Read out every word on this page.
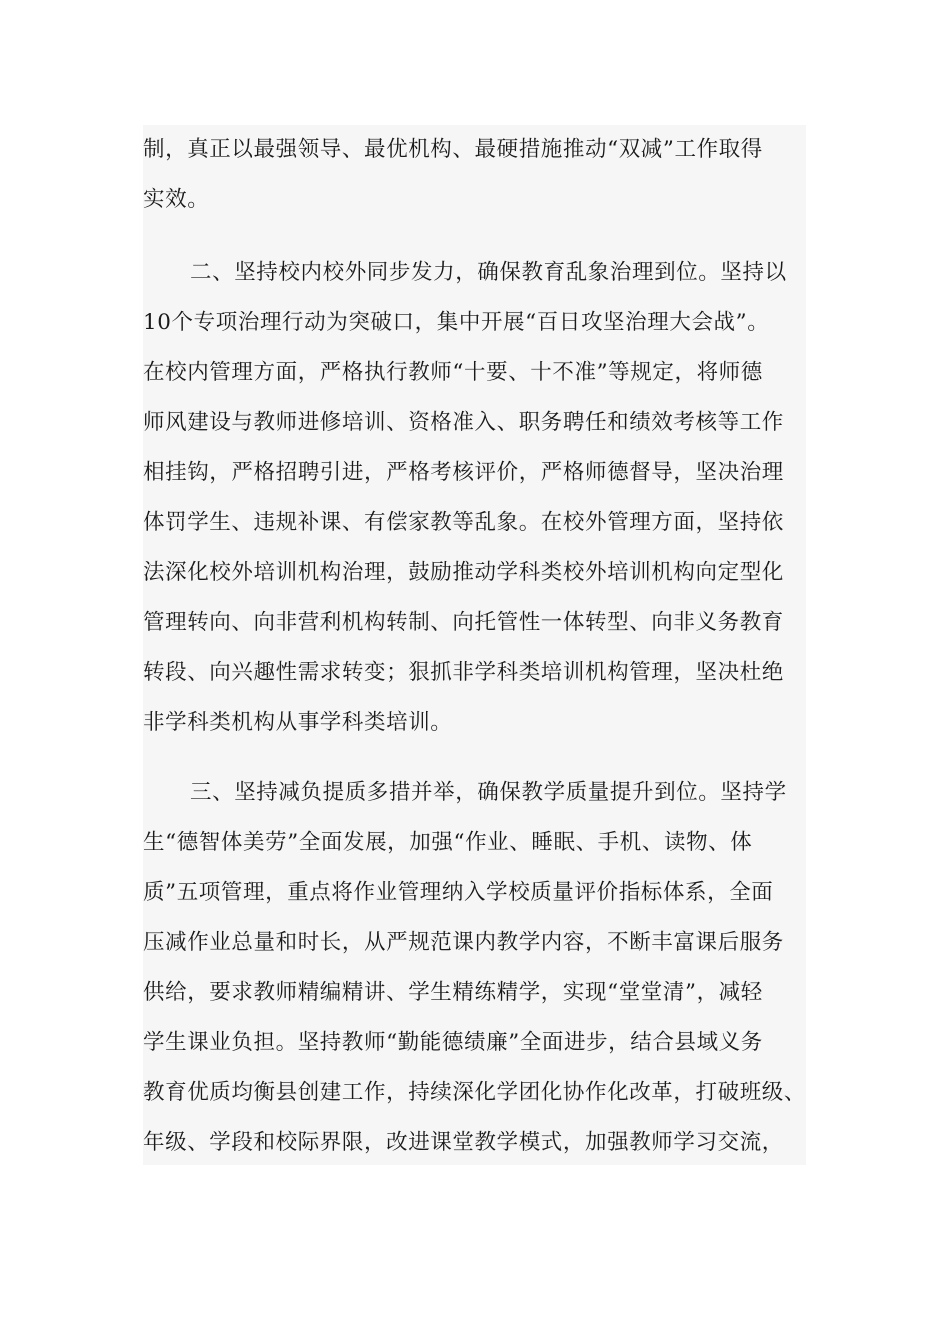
制，真正以最强领导、最优机构、最硬措施推动“双减”工作取得
实效。
二、坚持校内校外同步发力，确保教育乱象治理到位。坚持以
10个专项治理行动为突破口，集中开展“百日攻坚治理大会战”。
在校内管理方面，严格执行教师“十要、十不准”等规定，将师德
师风建设与教师进修培训、资格准入、职务聘任和绩效考核等工作
相挂钩，严格招聘引进，严格考核评价，严格师德督导，坚决治理
体罚学生、违规补课、有偿家教等乱象。在校外管理方面，坚持依
法深化校外培训机构治理，鼓励推动学科类校外培训机构向定型化
管理转向、向非营利机构转制、向托管性一体转型、向非义务教育
转段、向兴趣性需求转变；狠抓非学科类培训机构管理，坚决杜绝
非学科类机构从事学科类培训。
三、坚持减负提质多措并举，确保教学质量提升到位。坚持学
生“德智体美劳”全面发展，加强“作业、睡眠、手机、读物、体
质”五项管理，重点将作业管理纳入学校质量评价指标体系，全面
压减作业总量和时长，从严规范课内教学内容，不断丰富课后服务
供给，要求教师精编精讲、学生精练精学，实现“堂堂清”，减轻
学生课业负担。坚持教师“勤能德绩廉”全面进步，结合县域义务
教育优质均衡县创建工作，持续深化学团化协作化改革，打破班级、
年级、学段和校际界限，改进课堂教学模式，加强教师学习交流，
